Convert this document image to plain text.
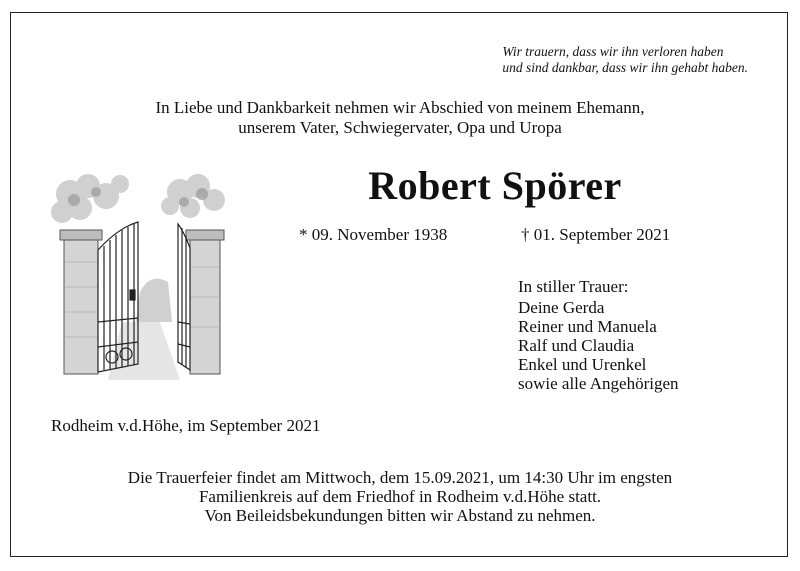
Wir trauern, dass wir ihn verloren haben
und sind dankbar, dass wir ihn gehabt haben.
In Liebe und Dankbarkeit nehmen wir Abschied von meinem Ehemann,
unserem Vater, Schwiegervater, Opa und Uropa
Robert Spörer
* 09. November 1938	† 01. September 2021
In stiller Trauer:
Deine Gerda
Reiner und Manuela
Ralf und Claudia
Enkel und Urenkel
sowie alle Angehörigen
Rodheim v.d.Höhe, im September 2021
Die Trauerfeier findet am Mittwoch, dem 15.09.2021, um 14:30 Uhr im engsten
Familienkreis auf dem Friedhof in Rodheim v.d.Höhe statt.
Von Beileidsbekundungen bitten wir Abstand zu nehmen.
